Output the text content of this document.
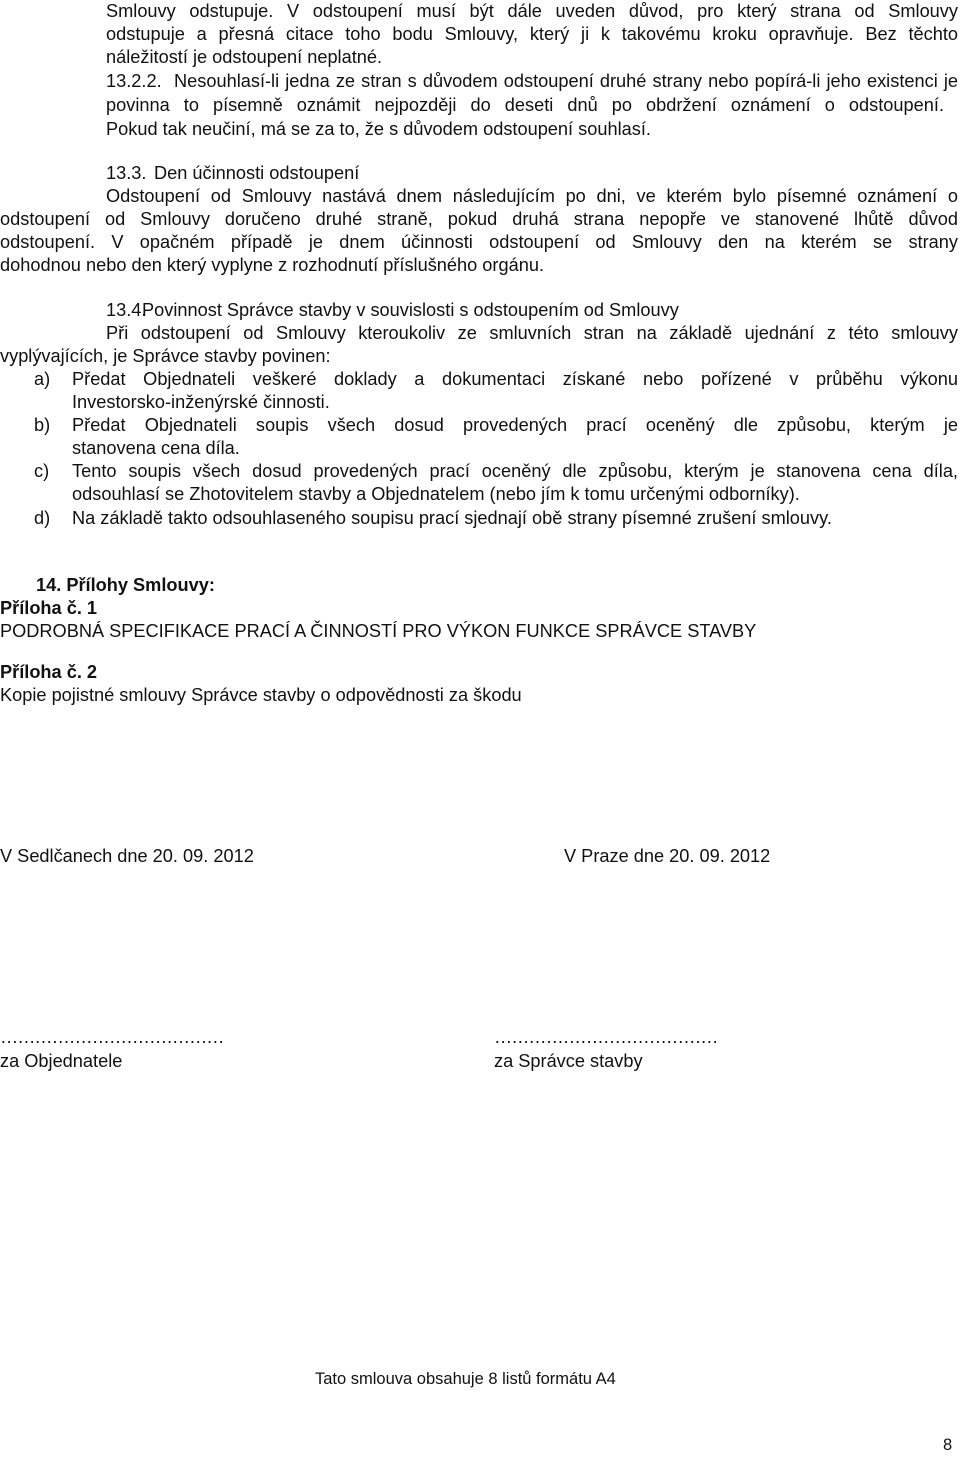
Smlouvy odstupuje. V odstoupení musí být dále uveden důvod, pro který strana od Smlouvy
odstupuje a přesná citace toho bodu Smlouvy, který ji k takovému kroku opravňuje. Bez těchto
náležitostí je odstoupení neplatné.
13.2.2. Nesouhlasí-li jedna ze stran s důvodem odstoupení druhé strany nebo popírá-li jeho existenci je
povinna to písemně oznámit nejpozději do deseti dnů po obdržení oznámení o odstoupení.
Pokud tak neučiní, má se za to, že s důvodem odstoupení souhlasí.
13.3. Den účinnosti odstoupení
Odstoupení od Smlouvy nastává dnem následujícím po dni, ve kterém bylo písemné oznámení o
odstoupení od Smlouvy doručeno druhé straně, pokud druhá strana nepopře ve stanovené lhůtě důvod
odstoupení. V opačném případě je dnem účinnosti odstoupení od Smlouvy den na kterém se strany
dohodnou nebo den který vyplyne z rozhodnutí příslušného orgánu.
13.4.
Povinnost Správce stavby v souvislosti s odstoupením od Smlouvy
Při odstoupení od Smlouvy kteroukoliv ze smluvních stran na základě ujednání z této smlouvy
vyplývajících, je Správce stavby povinen:
a) Předat Objednateli veškeré doklady a dokumentaci získané nebo pořízené v průběhu výkonu
Investorsko-inženýrské činnosti.
b) Předat Objednateli soupis všech dosud provedených prací oceněný dle způsobu, kterým je
stanovena cena díla.
c) Tento soupis všech dosud provedených prací oceněný dle způsobu, kterým je stanovena cena díla,
odsouhlasí se Zhotovitelem stavby a Objednatelem (nebo jím k tomu určenými odborníky).
d) Na základě takto odsouhlaseného soupisu prací sjednají obě strany písemné zrušení smlouvy.
14. Přílohy Smlouvy:
Příloha č. 1
PODROBNÁ SPECIFIKACE PRACÍ A ČINNOSTÍ PRO VÝKON FUNKCE SPRÁVCE STAVBY
Příloha č. 2
Kopie pojistné smlouvy Správce stavby o odpovědnosti za škodu
V Sedlčanech dne 20. 09. 2012	V Praze dne 20. 09. 2012
…………………………………	…………………………………
za Objednatele	za Správce stavby
Tato smlouva obsahuje 8 listů formátu A4
8
